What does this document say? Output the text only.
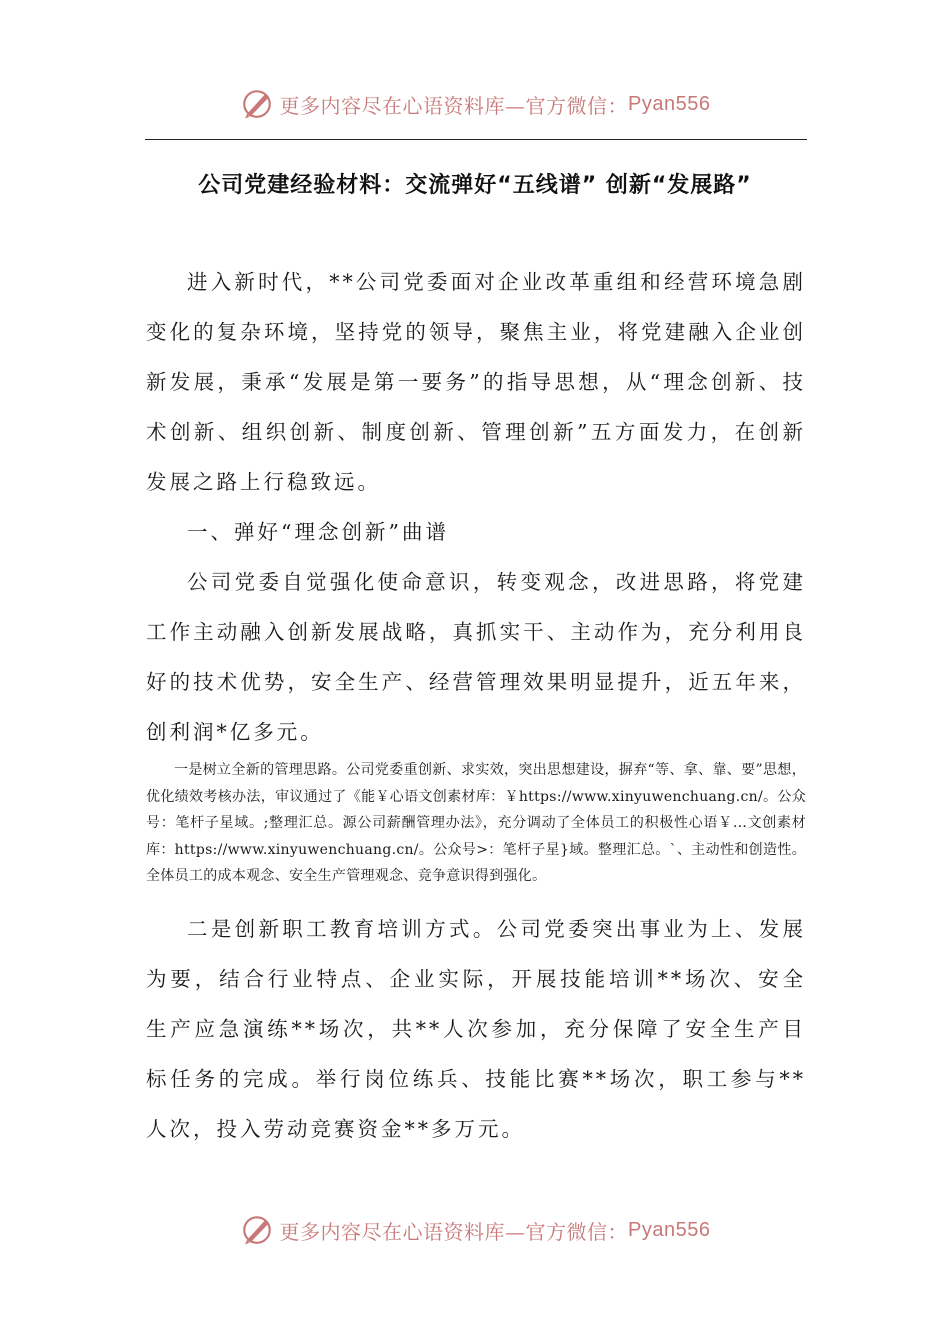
更多内容尽在心语资料库—官方微信： Pyan556
公司党建经验材料：交流弹好“五线谱” 创新“发展路”

进入新时代，**公司党委面对企业改革重组和经营环境急剧变化的复杂环境，坚持党的领导，聚焦主业，将党建融入企业创新发展，秉承“发展是第一要务”的指导思想，从“理念创新、技术创新、组织创新、制度创新、管理创新”五方面发力，在创新发展之路上行稳致远。

一、弹好“理念创新”曲谱

公司党委自觉强化使命意识，转变观念，改进思路，将党建工作主动融入创新发展战略，真抓实干、主动作为，充分利用良好的技术优势，安全生产、经营管理效果明显提升，近五年来，创利润*亿多元。

一是树立全新的管理思路。公司党委重创新、求实效，突出思想建设，摒弃“等、拿、靠、要”思想，优化绩效考核办法，审议通过了《能￥心语文创素材库：￥https://www.xinyuwenchuang.cn/。公众号：笔杆子星域。;整理汇总。源公司薪酬管理办法》，充分调动了全体员工的积极性心语￥…文创素材库：https://www.xinyuwenchuang.cn/。公众号>：笔杆子星}域。整理汇总。`、主动性和创造性。全体员工的成本观念、安全生产管理观念、竞争意识得到强化。

二是创新职工教育培训方式。公司党委突出事业为上、发展为要，结合行业特点、企业实际，开展技能培训**场次、安全生产应急演练**场次，共**人次参加，充分保障了安全生产目标任务的完成。举行岗位练兵、技能比赛**场次，职工参与**人次，投入劳动竞赛资金**多万元。

更多内容尽在心语资料库—官方微信： Pyan556
